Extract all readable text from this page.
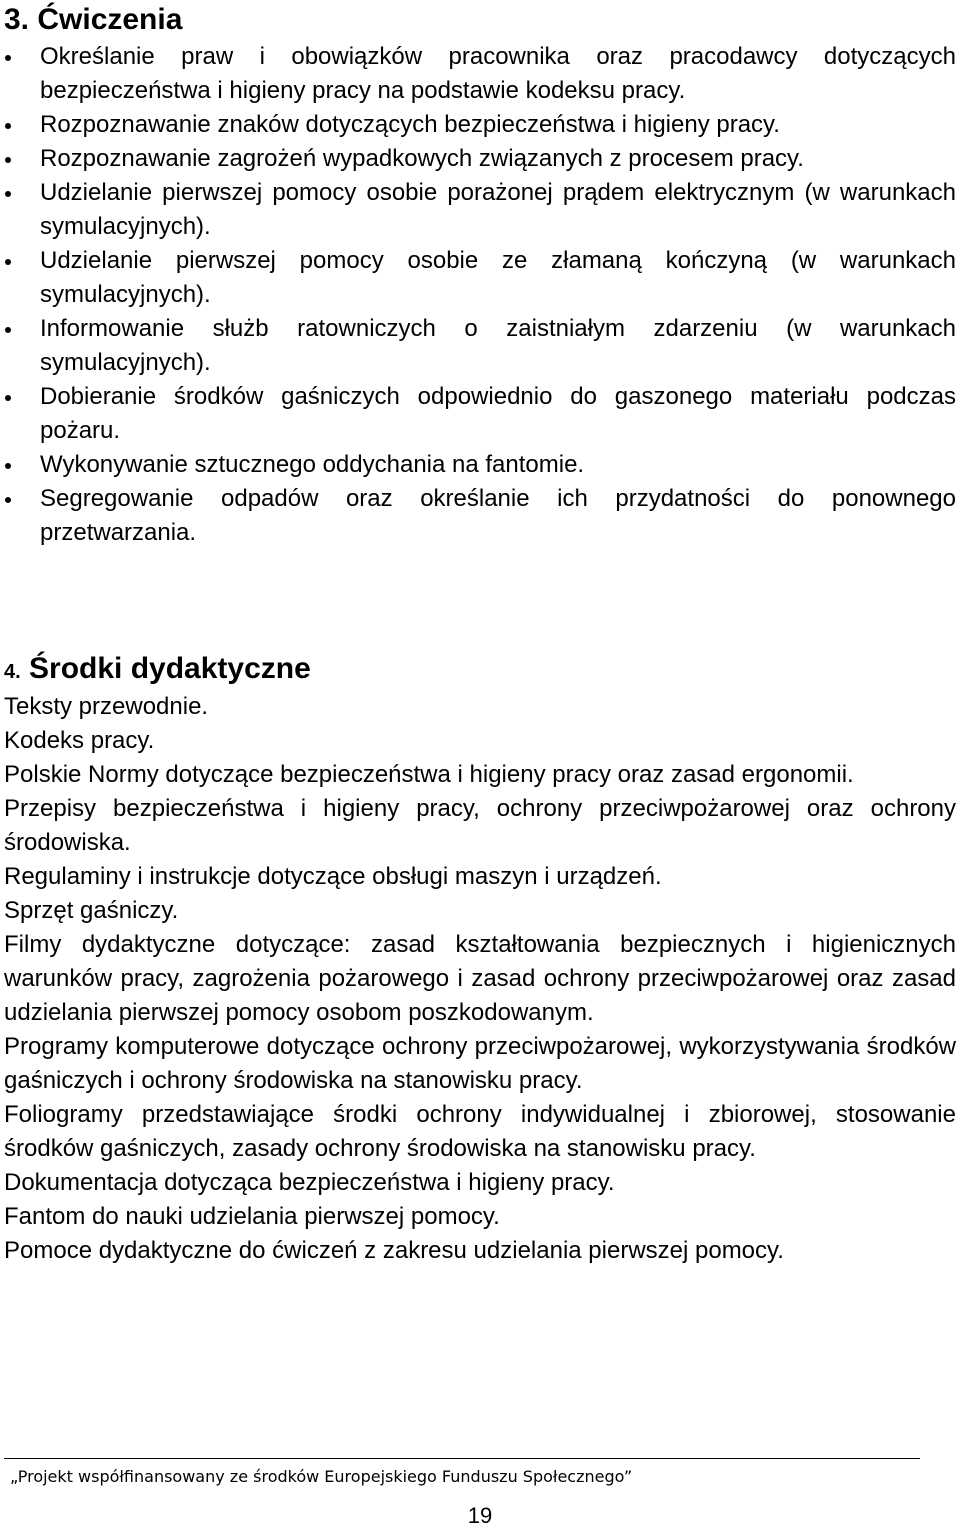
3. Ćwiczenia
Określanie praw i obowiązków pracownika oraz pracodawcy dotyczących bezpieczeństwa i higieny pracy na podstawie kodeksu pracy.
Rozpoznawanie znaków dotyczących bezpieczeństwa i higieny pracy.
Rozpoznawanie zagrożeń wypadkowych związanych z procesem pracy.
Udzielanie pierwszej pomocy osobie porażonej prądem elektrycznym (w warunkach symulacyjnych).
Udzielanie pierwszej pomocy osobie ze złamaną kończyną (w warunkach symulacyjnych).
Informowanie służb ratowniczych o zaistniałym zdarzeniu (w warunkach symulacyjnych).
Dobieranie środków gaśniczych odpowiednio do gaszonego materiału podczas pożaru.
Wykonywanie sztucznego oddychania na fantomie.
Segregowanie odpadów oraz określanie ich przydatności do ponownego przetwarzania.
4. Środki dydaktyczne

Teksty przewodnie.

Kodeks pracy.

Polskie Normy dotyczące bezpieczeństwa i higieny pracy oraz zasad ergonomii.

Przepisy bezpieczeństwa i higieny pracy, ochrony przeciwpożarowej oraz ochrony środowiska.

Regulaminy i instrukcje dotyczące obsługi maszyn i urządzeń.

Sprzęt gaśniczy.

Filmy dydaktyczne dotyczące: zasad kształtowania bezpiecznych i higienicznych warunków pracy, zagrożenia pożarowego i zasad ochrony przeciwpożarowej oraz zasad udzielania pierwszej pomocy osobom poszkodowanym.

Programy komputerowe dotyczące ochrony przeciwpożarowej, wykorzystywania środków gaśniczych i ochrony środowiska na stanowisku pracy.

Foliogramy przedstawiające środki ochrony indywidualnej i zbiorowej, stosowanie środków gaśniczych, zasady ochrony środowiska na stanowisku pracy.

Dokumentacja dotycząca bezpieczeństwa i higieny pracy.

Fantom do nauki udzielania pierwszej pomocy.

Pomoce dydaktyczne do ćwiczeń z zakresu udzielania pierwszej pomocy.

„Projekt współfinansowany ze środków Europejskiego Funduszu Społecznego”
19
